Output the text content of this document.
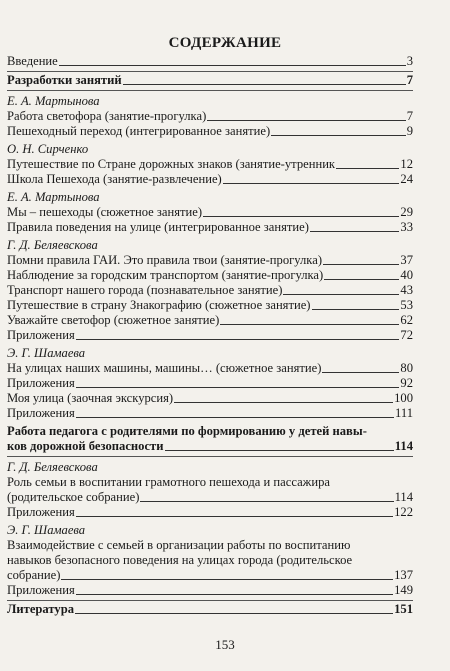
СОДЕРЖАНИЕ
Введение	3
Разработки занятий	7
Е. А. Мартынова
Работа светофора (занятие-прогулка)	7
Пешеходный переход (интегрированное занятие)	9
О. Н. Сирченко
Путешествие по Стране дорожных знаков (занятие-утренник	12
Школа Пешехода (занятие-развлечение)	24
Е. А. Мартынова
Мы – пешеходы (сюжетное занятие)	29
Правила поведения на улице (интегрированное занятие)	33
Г. Д. Беляевскова
Помни правила ГАИ. Это правила твои (занятие-прогулка)	37
Наблюдение за городским транспортом (занятие-прогулка)	40
Транспорт нашего города (познавательное занятие)	43
Путешествие в страну Знакографию (сюжетное занятие)	53
Уважайте светофор (сюжетное занятие)	62
Приложения	72
Э. Г. Шамаева
На улицах наших машины, машины… (сюжетное занятие)	80
Приложения	92
Моя улица (заочная экскурсия)	100
Приложения	111
Работа педагога с родителями по формированию у детей навы-
ков дорожной безопасности	114
Г. Д. Беляевскова
Роль семьи в воспитании грамотного пешехода и пассажира
(родительское собрание)	114
Приложения	122
Э. Г. Шамаева
Взаимодействие с семьей в организации работы по воспитанию
навыков безопасного поведения на улицах города (родительское
собрание)	137
Приложения	149
Литература	151
153
